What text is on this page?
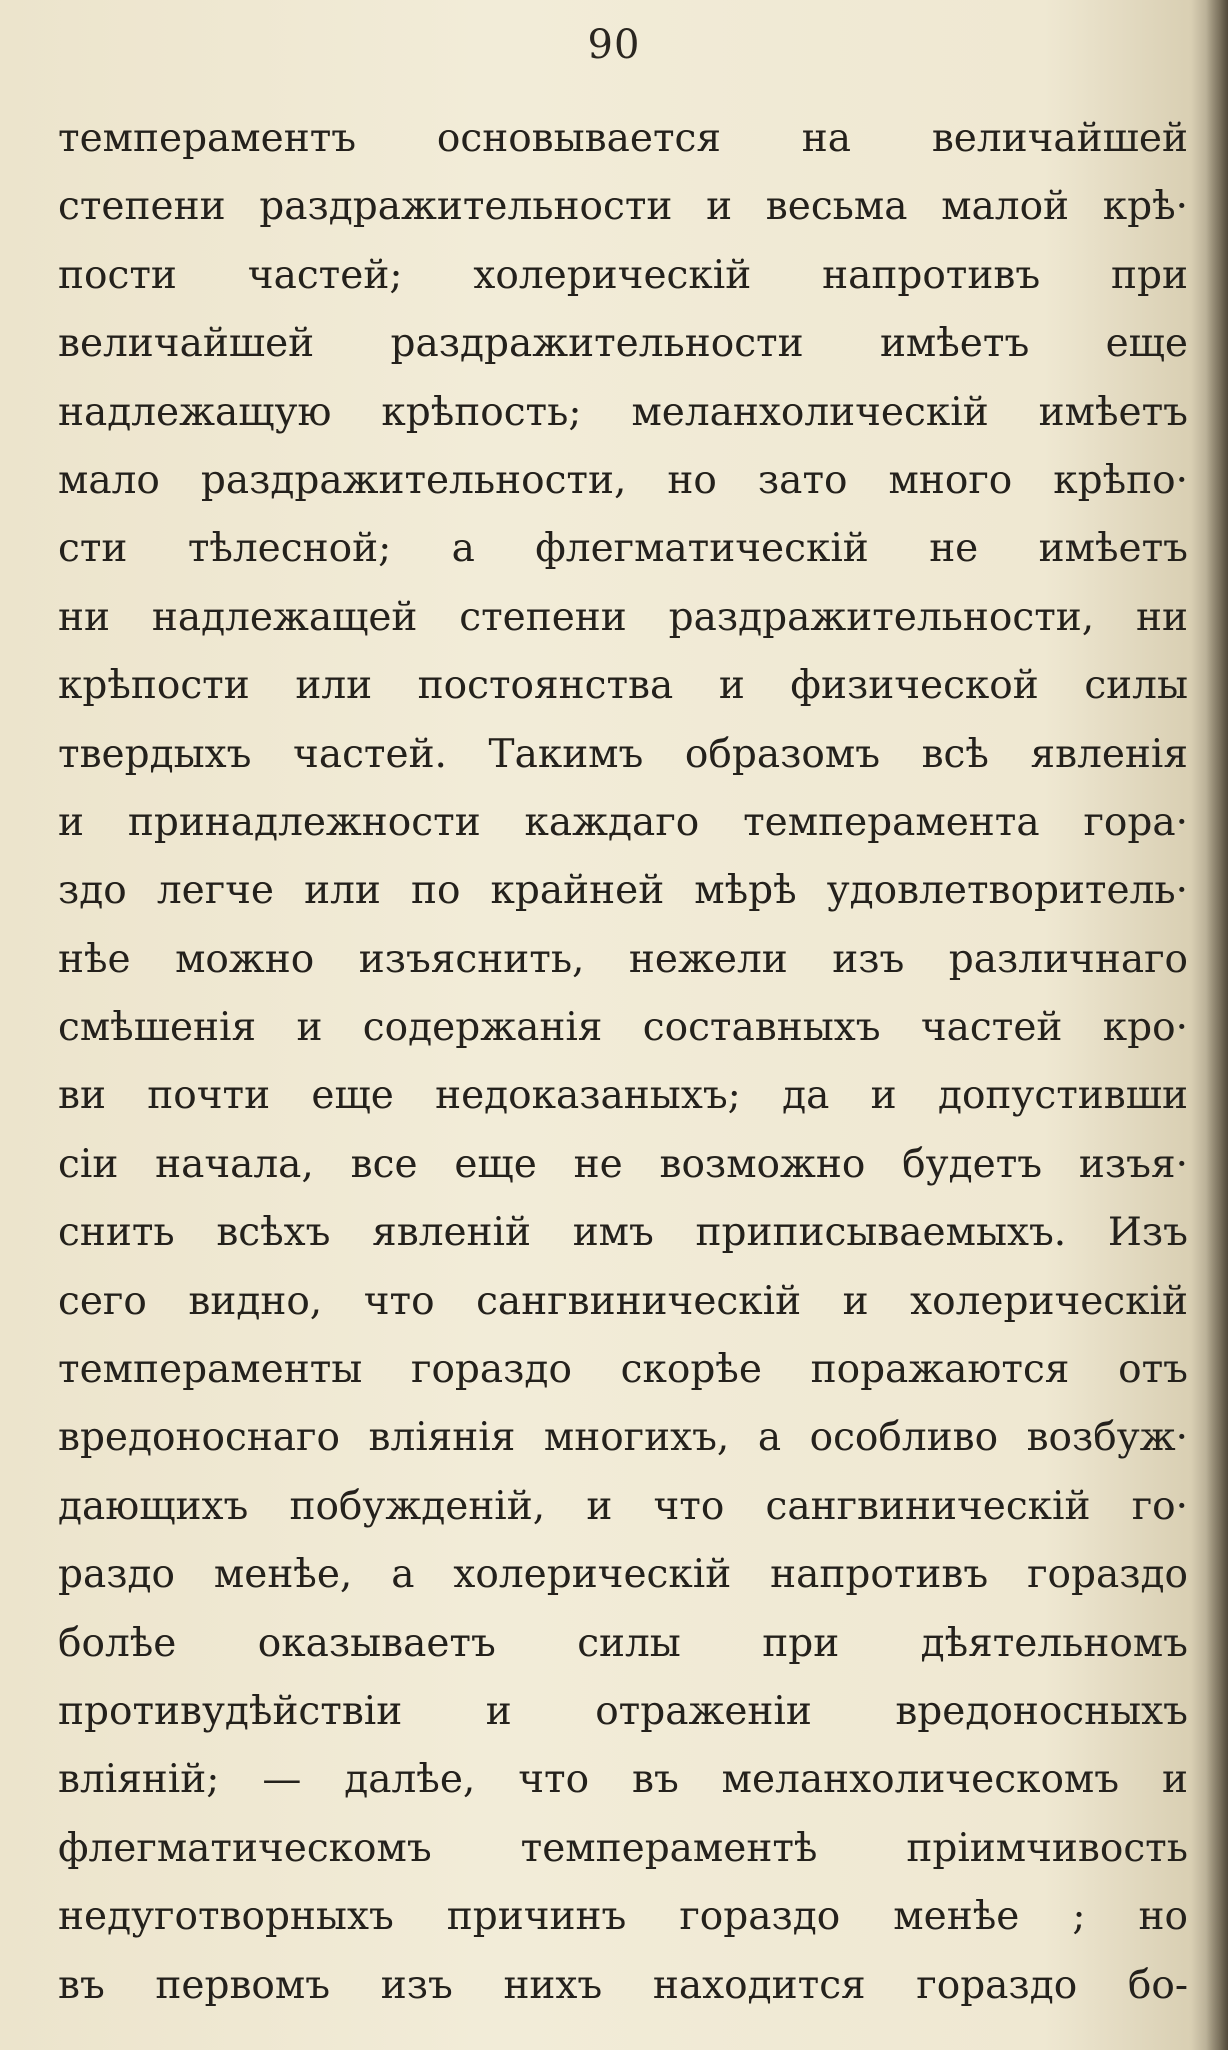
90
темпераментъ основывается на величайшей
степени раздражительности и весьма малой крѣ·
пости частей; холерическій напротивъ при
величайшей раздражительности имѣетъ еще
надлежащую крѣпость; меланхолическій имѣетъ
мало раздражительности, но зато много крѣпо·
сти тѣлесной; а флегматическій не имѣетъ
ни надлежащей степени раздражительности, ни
крѣпости или постоянства и физической силы
твердыхъ частей. Такимъ образомъ всѣ явленія
и принадлежности каждаго темперамента гора·
здо легче или по крайней мѣрѣ удовлетворитель·
нѣе можно изъяснить, нежели изъ различнаго
смѣшенія и содержанія составныхъ частей кро·
ви почти еще недоказаныхъ; да и допустивши
сіи начала, все еще не возможно будетъ изъя·
снить всѣхъ явленій имъ приписываемыхъ. Изъ
сего видно, что сангвиническій и холерическій
темпераменты гораздо скорѣе поражаются отъ
вредоноснаго вліянія многихъ, а особливо возбуж·
дающихъ побужденій, и что сангвиническій го·
раздо менѣе, а холерическій напротивъ гораздо
болѣе оказываетъ силы при дѣятельномъ
противудѣйствіи и отраженіи вредоносныхъ
вліяній; — далѣе, что въ меланхолическомъ и
флегматическомъ темпераментѣ пріимчивость
недуготворныхъ причинъ гораздо менѣе ; но
въ первомъ изъ нихъ находится гораздо бо-
